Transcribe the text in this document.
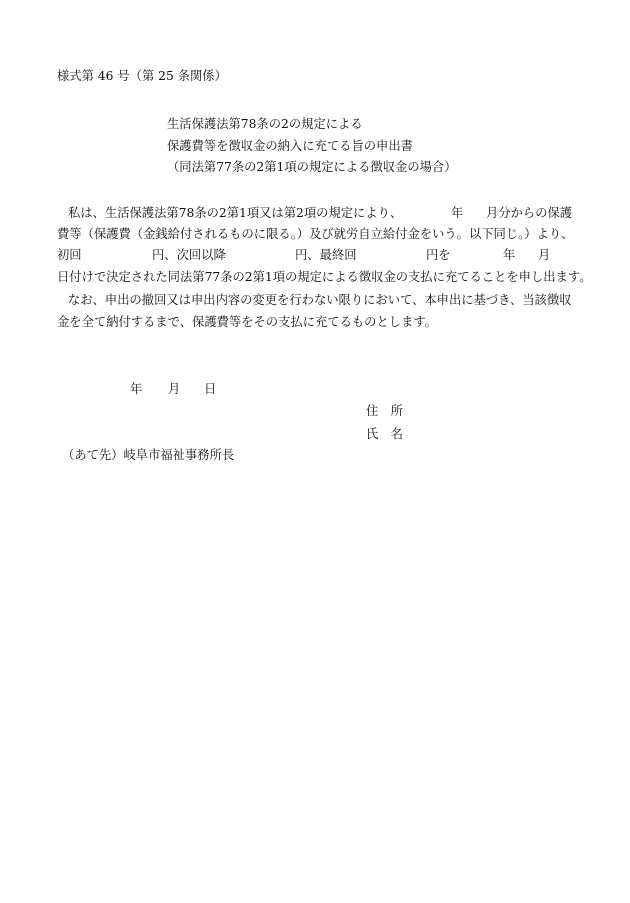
様式第 46 号（第 25 条関係）
生活保護法第78条の2の規定による
保護費等を徴収金の納入に充てる旨の申出書
（同法第77条の2第1項の規定による徴収金の場合）
私は、生活保護法第78条の2第1項又は第2項の規定により、	年 月分からの保護
費等（保護費（金銭給付されるものに限る。）及び就労自立給付金をいう。以下同じ。）より、
初回	円、次回以降	円、最終回	円を	年 月
日付けで決定された同法第77条の2第1項の規定による徴収金の支払に充てることを申し出ます。
なお、申出の撤回又は申出内容の変更を行わない限りにおいて、本申出に基づき、当該徴収
金を全て納付するまで、保護費等をその支払に充てるものとします。
年 月 日
住　所
氏　名
（あて先）岐阜市福祉事務所長
